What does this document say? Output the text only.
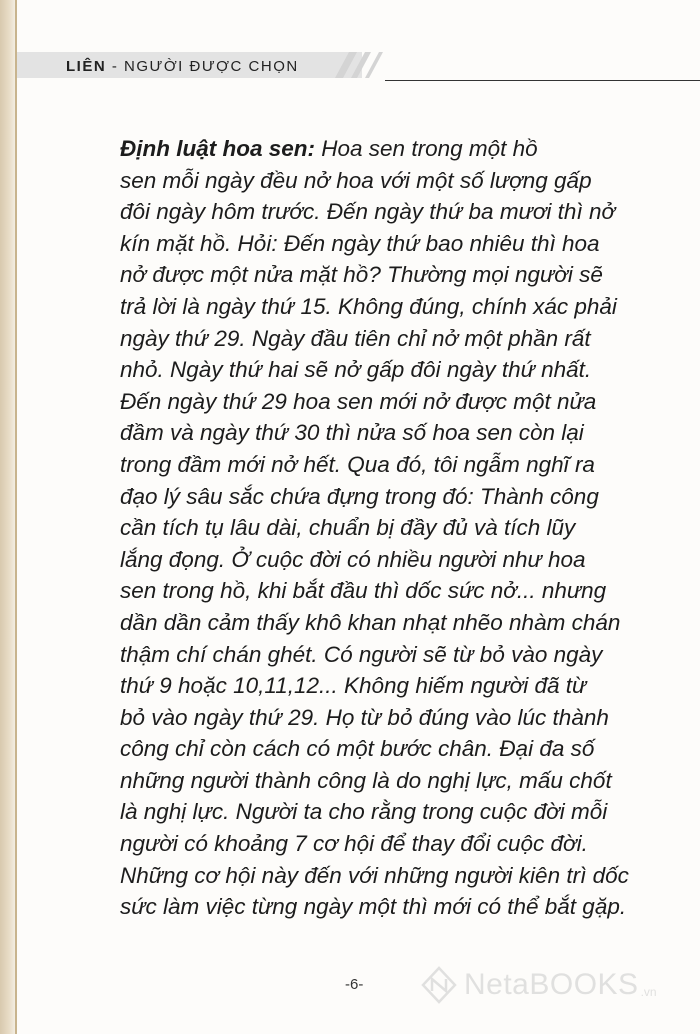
LIÊN - NGƯỜI ĐƯỢC CHỌN
Định luật hoa sen: Hoa sen trong một hồ
sen mỗi ngày đều nở hoa với một số lượng gấp
đôi ngày hôm trước. Đến ngày thứ ba mươi thì nở
kín mặt hồ. Hỏi: Đến ngày thứ bao nhiêu thì hoa
nở được một nửa mặt hồ? Thường mọi người sẽ
trả lời là ngày thứ 15. Không đúng, chính xác phải
ngày thứ 29. Ngày đầu tiên chỉ nở một phần rất
nhỏ. Ngày thứ hai sẽ nở gấp đôi ngày thứ nhất.
Đến ngày thứ 29 hoa sen mới nở được một nửa
đầm và ngày thứ 30 thì nửa số hoa sen còn lại
trong đầm mới nở hết. Qua đó, tôi ngẫm nghĩ ra
đạo lý sâu sắc chứa đựng trong đó: Thành công
cần tích tụ lâu dài, chuẩn bị đầy đủ và tích lũy
lắng đọng. Ở cuộc đời có nhiều người như hoa
sen trong hồ, khi bắt đầu thì dốc sức nở... nhưng
dần dần cảm thấy khô khan nhạt nhẽo nhàm chán
thậm chí chán ghét. Có người sẽ từ bỏ vào ngày
thứ 9 hoặc 10,11,12... Không hiếm người đã từ
bỏ vào ngày thứ 29. Họ từ bỏ đúng vào lúc thành
công chỉ còn cách có một bước chân. Đại đa số
những người thành công là do nghị lực, mấu chốt
là nghị lực. Người ta cho rằng trong cuộc đời mỗi
người có khoảng 7 cơ hội để thay đổi cuộc đời.
Những cơ hội này đến với những người kiên trì dốc
sức làm việc từng ngày một thì mới có thể bắt gặp.
-6-	NetaBOOKS .vn
